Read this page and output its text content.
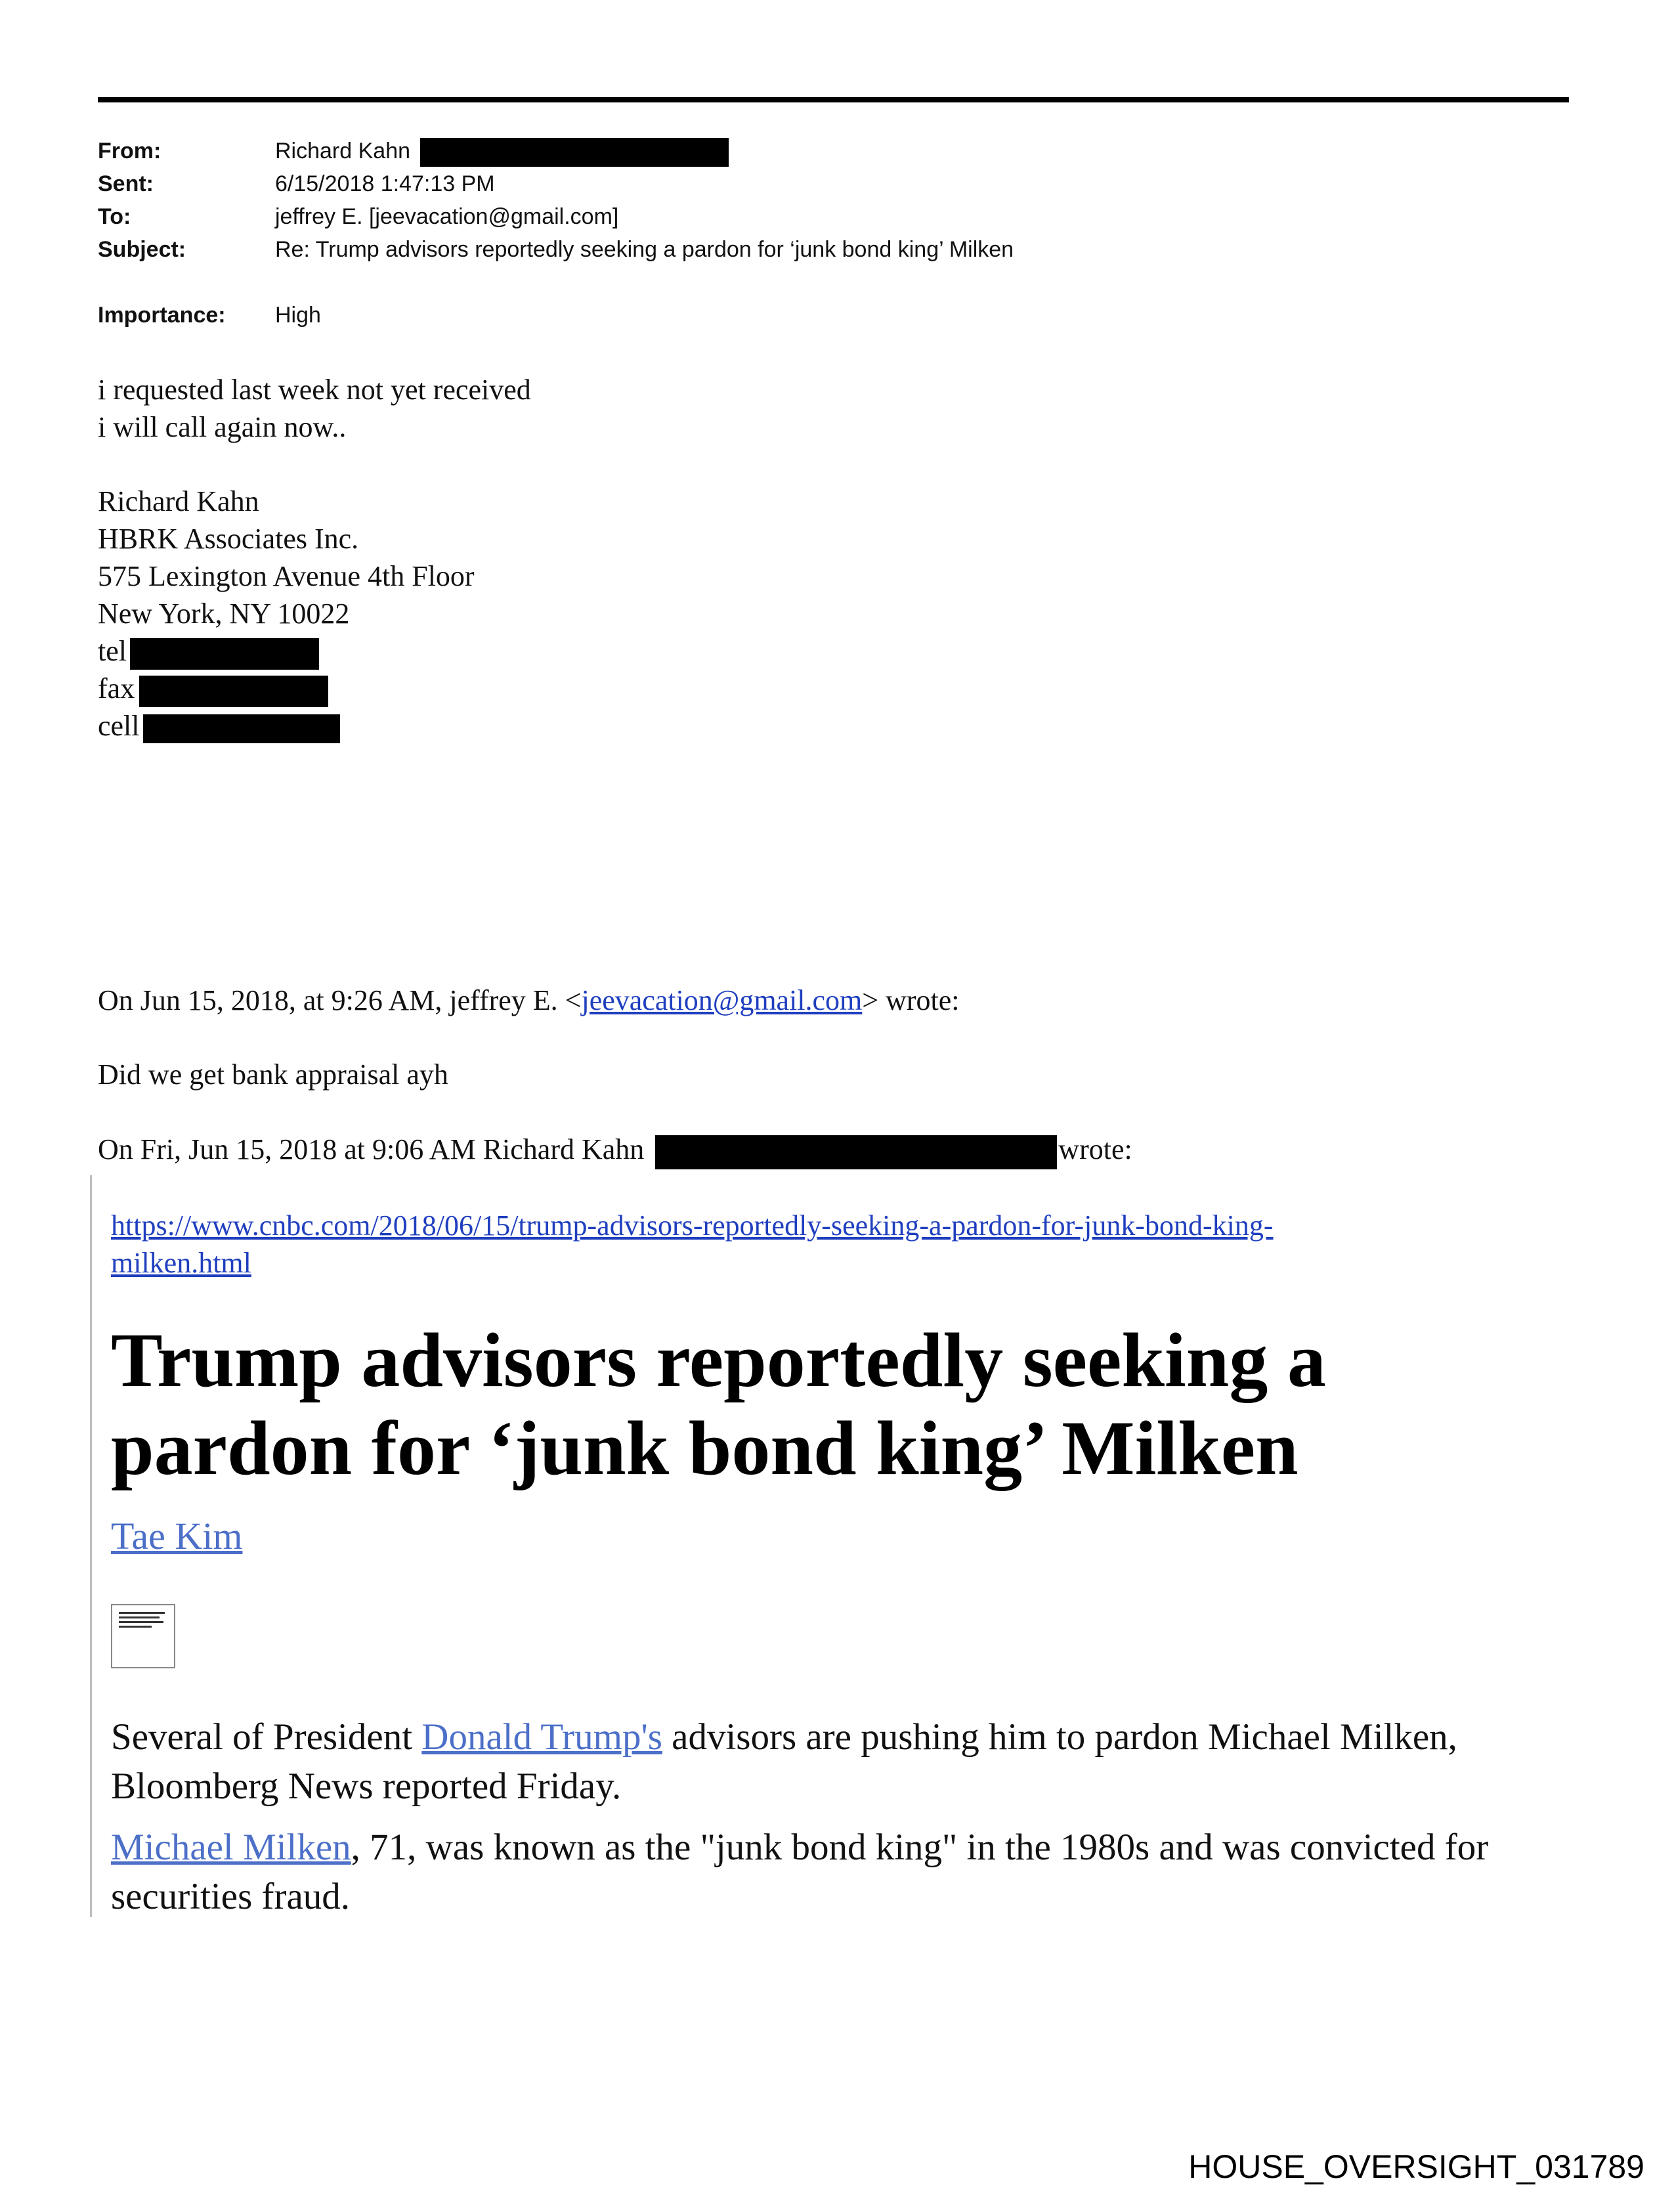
From:	Richard Kahn
Sent:	6/15/2018 1:47:13 PM
To:	jeffrey E. [jeevacation@gmail.com]
Subject:	Re: Trump advisors reportedly seeking a pardon for ‘junk bond king’ Milken
Importance: High
i requested last week not yet received
i will call again now..
Richard Kahn
HBRK Associates Inc.
575 Lexington Avenue 4th Floor
New York, NY 10022
tel
fax
cell
On Jun 15, 2018, at 9:26 AM, jeffrey E. <jeevacation@gmail.com> wrote:
Did we get bank appraisal ayh
On Fri, Jun 15, 2018 at 9:06 AM Richard Kahn	wrote:
https://www.cnbc.com/2018/06/15/trump-advisors-reportedly-seeking-a-pardon-for-junk-bond-king-
milken.html
Trump advisors reportedly seeking a
pardon for ‘junk bond king’ Milken
Tae Kim
Several of President Donald Trump's advisors are pushing him to pardon Michael Milken,
Bloomberg News reported Friday.
Michael Milken, 71, was known as the "junk bond king" in the 1980s and was convicted for
securities fraud.
HOUSE_OVERSIGHT_031789
